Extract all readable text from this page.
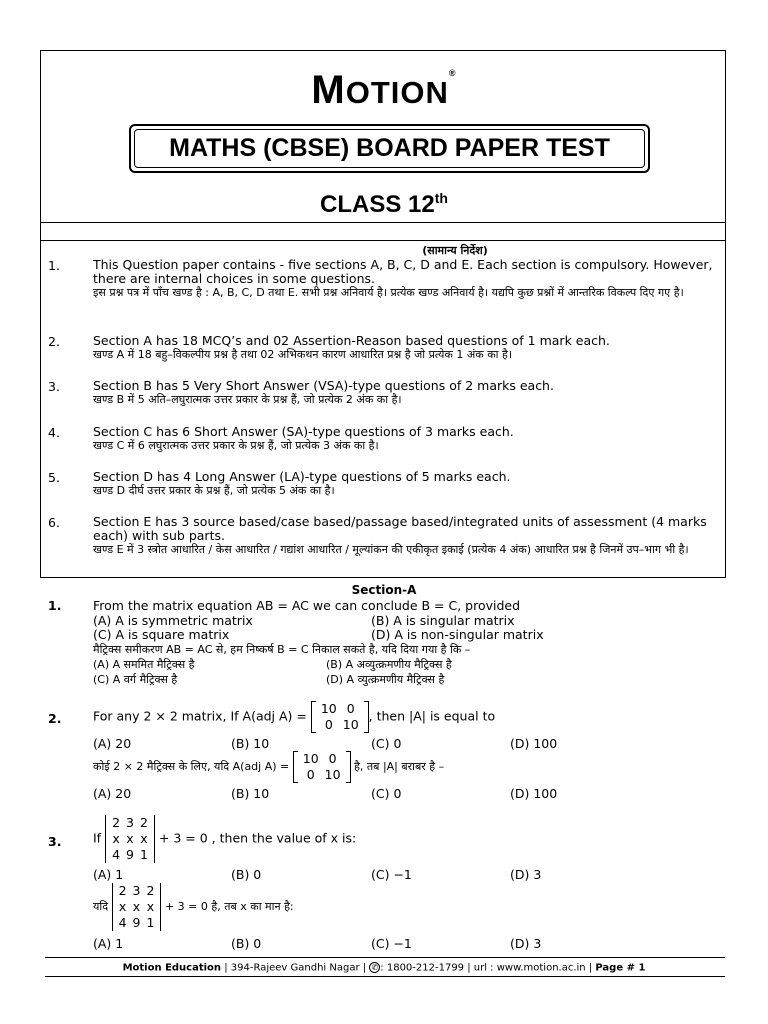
MOTION®
MATHS (CBSE) BOARD PAPER TEST
CLASS 12th
(सामान्य निर्देश)
1.	This Question paper contains - five sections A, B, C, D and E. Each section is compulsory. However, there are internal choices in some questions.
इस प्रश्न पत्र में पाँच खण्ड है : A, B, C, D तथा E. सभी प्रश्न अनिवार्य है। प्रत्येक खण्ड अनिवार्य है। यद्यपि कुछ प्रश्नों में आन्तरिक विकल्प दिए गए है।
2.	Section A has 18 MCQ’s and 02 Assertion-Reason based questions of 1 mark each.
खण्ड A में 18 बहु–विकल्पीय प्रश्न है तथा 02 अभिकथन कारण आधारित प्रश्न है जो प्रत्येक 1 अंक का है।
3.	Section B has 5 Very Short Answer (VSA)-type questions of 2 marks each.
खण्ड B में 5 अति–लघुरात्मक उत्तर प्रकार के प्रश्न हैं, जो प्रत्येक 2 अंक का है।
4.	Section C has 6 Short Answer (SA)-type questions of 3 marks each.
खण्ड C में 6 लघुरात्मक उत्तर प्रकार के प्रश्न हैं, जो प्रत्येक 3 अंक का है।
5.	Section D has 4 Long Answer (LA)-type questions of 5 marks each.
खण्ड D दीर्घ उत्तर प्रकार के प्रश्न हैं, जो प्रत्येक 5 अंक का है।
6.	Section E has 3 source based/case based/passage based/integrated units of assessment (4 marks each) with sub parts.
खण्ड E में 3 स्त्रोत आधारित / केस आधारित / गद्यांश आधारित / मूल्यांकन की एकीकृत इकाई (प्रत्येक 4 अंक) आधारित प्रश्न है जिनमें उप–भाग भी है।
Section-A
1.	From the matrix equation AB = AC we can conclude B = C, provided
(A) A is symmetric matrix	(B) A is singular matrix
(C) A is square matrix	(D) A is non-singular matrix
मैट्रिक्स समीकरण AB = AC से, हम निष्कर्ष B = C निकाल सकते है, यदि दिया गया है कि –
(A) A सममित मैट्रिक्स है	(B) A अव्युत्क्रमणीय मैट्रिक्स है
(C) A वर्ग मैट्रिक्स है	(D) A व्युत्क्रमणीय मैट्रिक्स है
2.	For any 2 × 2 matrix, If A(adj A) = 10	0
0	10
, then |A| is equal to
(A) 20	(B) 10	(C) 0	(D) 100
कोई 2 × 2 मैट्रिक्स के लिए, यदि A(adj A) =
10	0
0	10
है, तब |A| बराबर है –
(A) 20	(B) 10	(C) 0	(D) 100
3.	If
2	3	2
x	x	x
4	9	1
+ 3 = 0 , then the value of x is:
(A) 1	(B) 0	(C) −1	(D) 3
यदि
2	3	2
x	x	x
4	9	1
+ 3 = 0 है, तब x का मान है:
(A) 1	(B) 0	(C) −1	(D) 3
Motion Education | 394-Rajeev Gandhi Nagar | ✆ : 1800-212-1799 | url : www.motion.ac.in | Page # 1
